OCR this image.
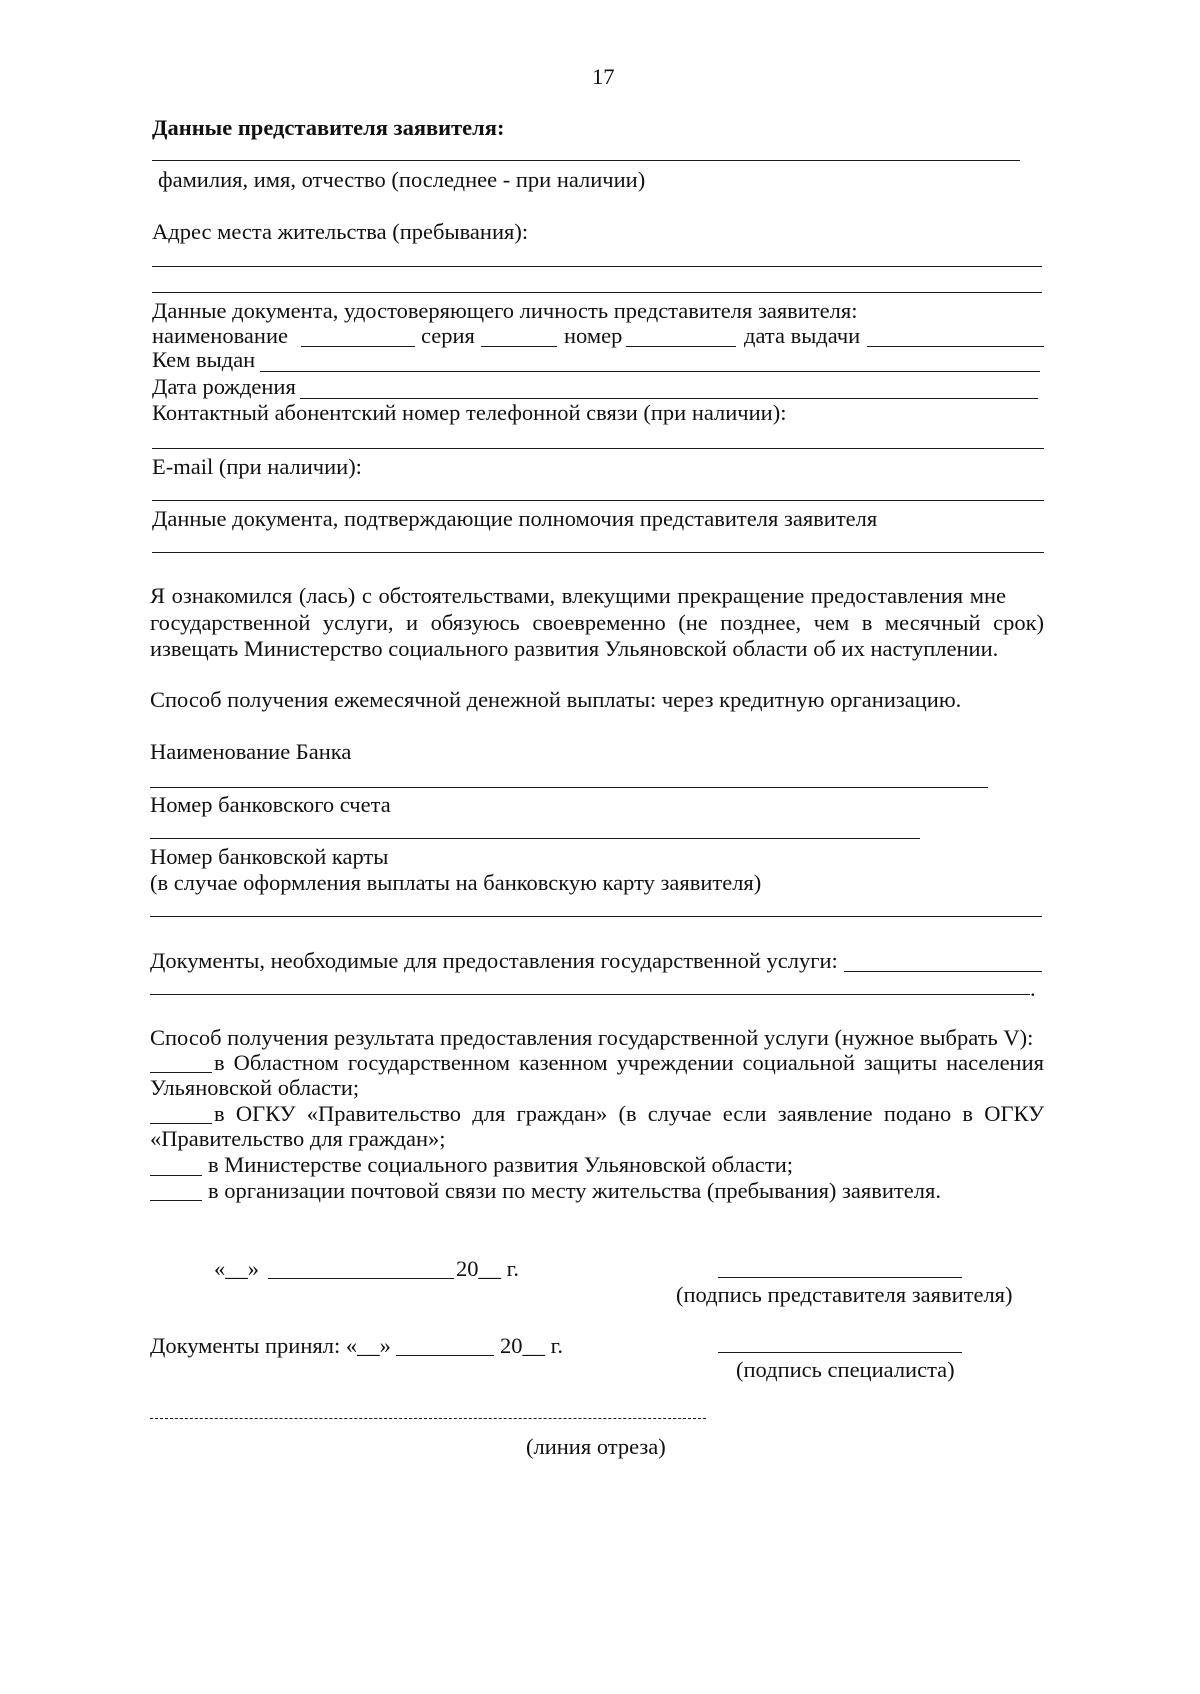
17
Данные представителя заявителя:
фамилия, имя, отчество (последнее - при наличии)
Адрес места жительства (пребывания):
Данные документа, удостоверяющего личность представителя заявителя:
наименование	серия	номер	дата выдачи
Кем выдан
Дата рождения
Контактный абонентский номер телефонной связи (при наличии):
E-mail (при наличии):
Данные документа, подтверждающие полномочия представителя заявителя
Я ознакомился (лась) с обстоятельствами, влекущими прекращение предоставления мне
государственной услуги, и обязуюсь своевременно (не позднее, чем в месячный срок)
извещать Министерство социального развития Ульяновской области об их наступлении.
Способ получения ежемесячной денежной выплаты: через кредитную организацию.
Наименование Банка
Номер банковского счета
Номер банковской карты
(в случае оформления выплаты на банковскую карту заявителя)
Документы, необходимые для предоставления государственной услуги:
.
Способ получения результата предоставления государственной услуги (нужное выбрать V):
в Областном государственном казенном учреждении социальной защиты населения
Ульяновской области;
в ОГКУ «Правительство для граждан» (в случае если заявление подано в ОГКУ
«Правительство для граждан»;
в Министерстве социального развития Ульяновской области;
в организации почтовой связи по месту жительства (пребывания) заявителя.
«__»	20__ г.
(подпись представителя заявителя)
Документы принял: «__»	20__ г.
(подпись специалиста)
(линия отреза)
